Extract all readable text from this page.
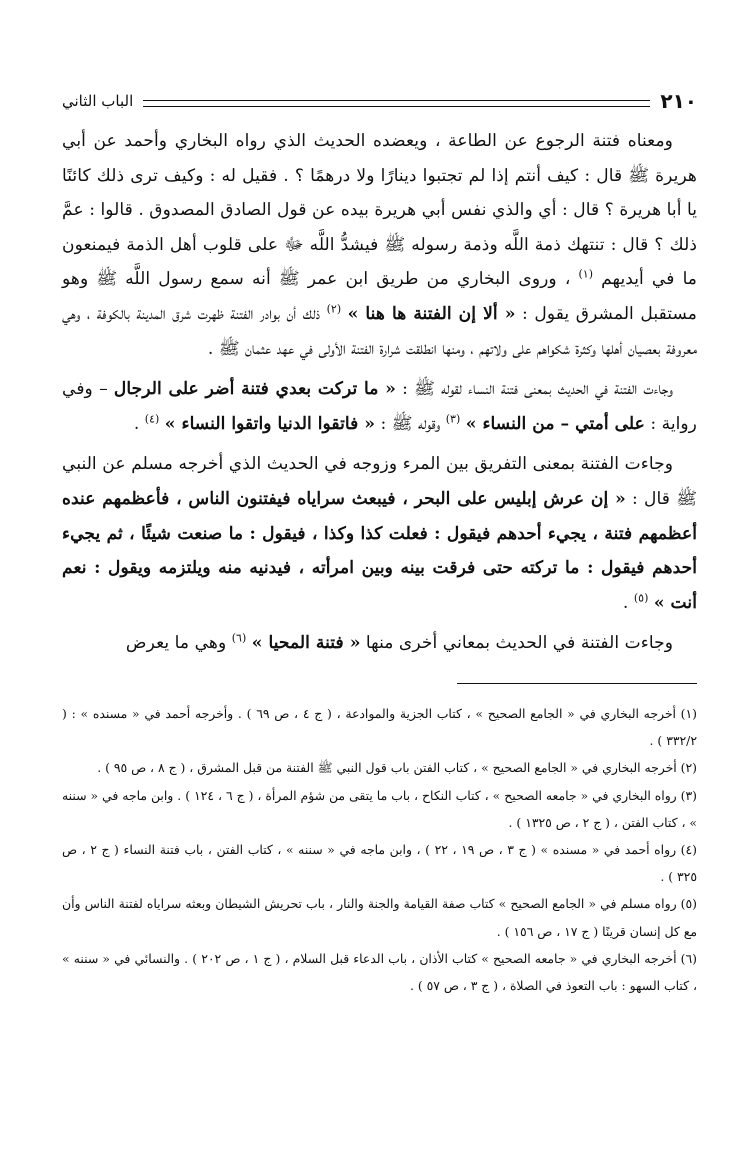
٢١٠
الباب الثاني

ومعناه فتنة الرجوع عن الطاعة ، ويعضده الحديث الذي رواه البخاري وأحمد عن أبي هريرة ﷺ قال : كيف أنتم إذا لم تجتبوا دينارًا ولا درهمًا ؟ . فقيل له : وكيف ترى ذلك كائنًا يا أبا هريرة ؟ قال : أي والذي نفس أبي هريرة بيده عن قول الصادق المصدوق . قالوا : عمَّ ذلك ؟ قال : تنتهك ذمة اللَّه وذمة رسوله ﷺ فيشدُّ اللَّه ﷻ على قلوب أهل الذمة فيمنعون ما في أيديهم $^{(١)}$ ، وروى البخاري من طريق ابن عمر ﷺ أنه سمع رسول اللَّه ﷺ وهو مستقبل المشرق يقول : « ألا إن الفتنة ها هنا » $^{(٢)}$ ذلك أن بوادر الفتنة ظهرت شرق المدينة بالكوفة ، وهي معروفة بعصيان أهلها وكثرة شكواهم على ولاتهم ، ومنها انطلقت شرارة الفتنة الأولى في عهد عثمان ﷺ .

وجاءت الفتنة في الحديث بمعنى فتنة النساء لقوله ﷺ : « ما تركت بعدي فتنة أضر على الرجال – وفي رواية : على أمتي – من النساء » $^{(٣)}$ وقوله ﷺ : « فاتقوا الدنيا واتقوا النساء » $^{(٤)}$ .

وجاءت الفتنة بمعنى التفريق بين المرء وزوجه في الحديث الذي أخرجه مسلم عن النبي ﷺ قال : « إن عرش إبليس على البحر ، فيبعث سراياه فيفتنون الناس ، فأعظمهم عنده أعظمهم فتنة ، يجيء أحدهم فيقول : فعلت كذا وكذا ، فيقول : ما صنعت شيئًا ، ثم يجيء أحدهم فيقول : ما تركته حتى فرقت بينه وبين امرأته ، فيدنيه منه ويلتزمه ويقول : نعم أنت » $^{(٥)}$ .

وجاءت الفتنة في الحديث بمعاني أخرى منها « فتنة المحيا » $^{(٦)}$ وهي ما يعرض

(١) أخرجه البخاري في « الجامع الصحيح » ، كتاب الجزية والموادعة ، ( ج ٤ ، ص ٦٩ ) . وأخرجه أحمد في « مسنده » : ( ٣٣٢/٢ ) .

(٢) أخرجه البخاري في « الجامع الصحيح » ، كتاب الفتن باب قول النبي ﷺ الفتنة من قبل المشرق ، ( ج ٨ ، ص ٩٥ ) .

(٣) رواه البخاري في « جامعه الصحيح » ، كتاب النكاح ، باب ما يتقى من شؤم المرأة ، ( ج ٦ ، ١٢٤ ) . وابن ماجه في « سننه » ، كتاب الفتن ، ( ج ٢ ، ص ١٣٢٥ ) .

(٤) رواه أحمد في « مسنده » ( ج ٣ ، ص ١٩ ، ٢٢ ) ، وابن ماجه في « سننه » ، كتاب الفتن ، باب فتنة النساء ( ج ٢ ، ص ٣٢٥ ) .

(٥) رواه مسلم في « الجامع الصحيح » كتاب صفة القيامة والجنة والنار ، باب تحريش الشيطان وبعثه سراياه لفتنة الناس وأن مع كل إنسان قرينًا ( ج ١٧ ، ص ١٥٦ ) .

(٦) أخرجه البخاري في « جامعه الصحيح » كتاب الأذان ، باب الدعاء قبل السلام ، ( ج ١ ، ص ٢٠٢ ) . والنسائي في « سننه » ، كتاب السهو : باب التعوذ في الصلاة ، ( ج ٣ ، ص ٥٧ ) .
